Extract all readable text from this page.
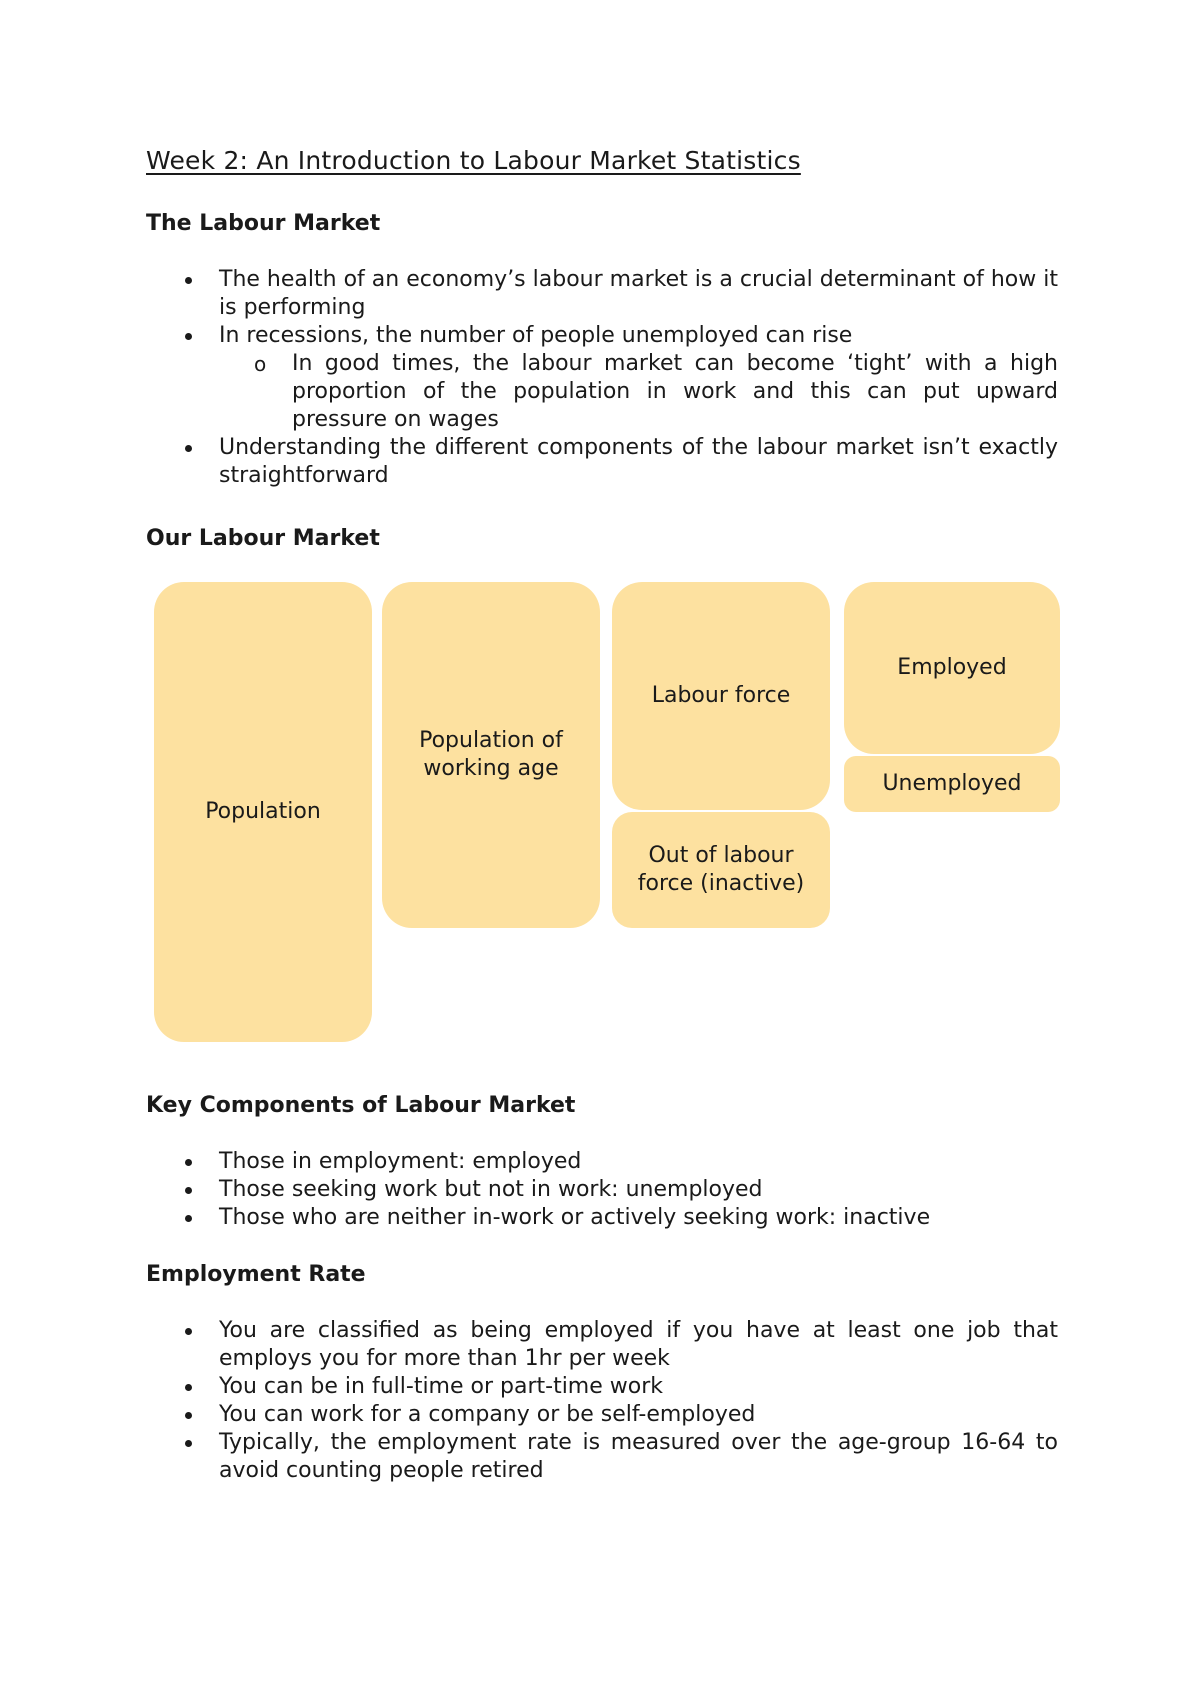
Week 2: An Introduction to Labour Market Statistics
The Labour Market
The health of an economy’s labour market is a crucial determinant of how it is performing
In recessions, the number of people unemployed can rise
o In good times, the labour market can become ‘tight’ with a high proportion of the population in work and this can put upward pressure on wages
Understanding the different components of the labour market isn’t exactly straightforward
Our Labour Market
Population
Population of working age
Labour force
Out of labour force (inactive)
Employed
Unemployed
Key Components of Labour Market
Those in employment: employed
Those seeking work but not in work: unemployed
Those who are neither in-work or actively seeking work: inactive
Employment Rate
You are classified as being employed if you have at least one job that employs you for more than 1hr per week
You can be in full-time or part-time work
You can work for a company or be self-employed
Typically, the employment rate is measured over the age-group 16-64 to avoid counting people retired
